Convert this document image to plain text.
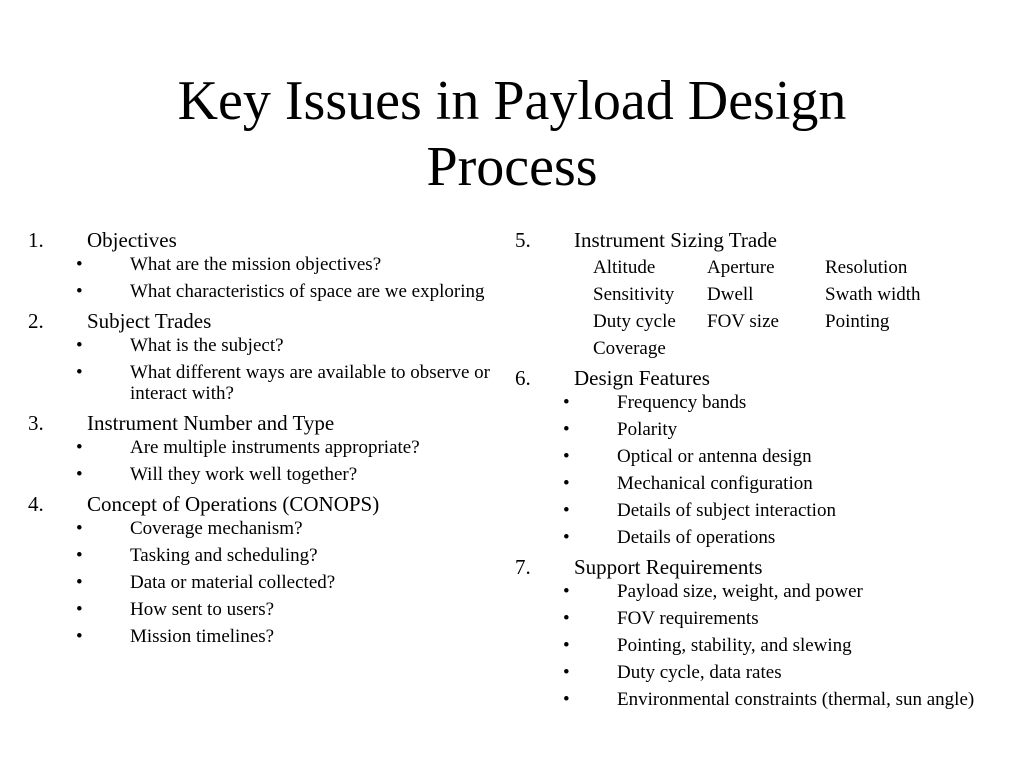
Key Issues in Payload Design
Process
1. Objectives
• What are the mission objectives?
• What characteristics of space are we exploring
2. Subject Trades
• What is the subject?
• What different ways are available to observe or interact with?
3. Instrument Number and Type
• Are multiple instruments appropriate?
• Will they work well together?
4. Concept of Operations (CONOPS)
• Coverage mechanism?
• Tasking and scheduling?
• Data or material collected?
• How sent to users?
• Mission timelines?
5. Instrument Sizing Trade
Altitude	Aperture	Resolution
Sensitivity	Dwell	Swath width
Duty cycle	FOV size	Pointing
Coverage
6. Design Features
• Frequency bands
• Polarity
• Optical or antenna design
• Mechanical configuration
• Details of subject interaction
• Details of operations
7. Support Requirements
• Payload size, weight, and power
• FOV requirements
• Pointing, stability, and slewing
• Duty cycle, data rates
• Environmental constraints (thermal, sun angle)
